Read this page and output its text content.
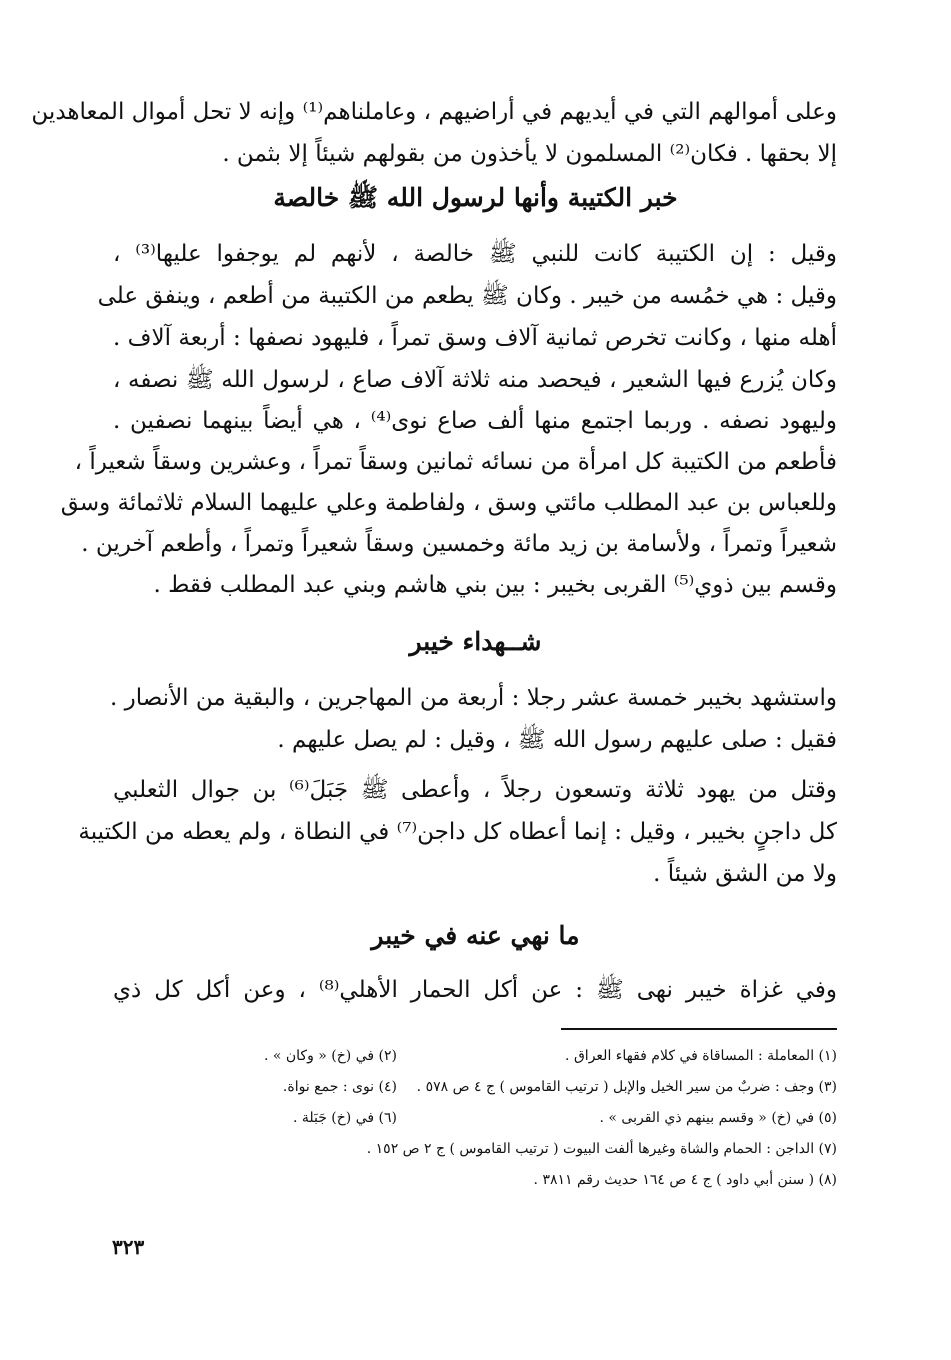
وعلى أموالهم التي في أيديهم في أراضيهم ، وعاملناهم⁽¹⁾ وإنه لا تحل أموال المعاهدين
إلا بحقها . فكان⁽²⁾ المسلمون لا يأخذون من بقولهم شيئاً إلا بثمن .
خبر الكتيبة وأنها لرسول الله ﷺ خالصة
وقيل : إن الكتيبة كانت للنبي ﷺ خالصة ، لأنهم لم يوجفوا عليها⁽³⁾ ،
وقيل : هي خمُسه من خيبر . وكان ﷺ يطعم من الكتيبة من أطعم ، وينفق على
أهله منها ، وكانت تخرص ثمانية آلاف وسق تمراً ، فليهود نصفها : أربعة آلاف .
وكان يُزرع فيها الشعير ، فيحصد منه ثلاثة آلاف صاع ، لرسول الله ﷺ نصفه ،
وليهود نصفه . وربما اجتمع منها ألف صاع نوى⁽⁴⁾ ، هي أيضاً بينهما نصفين .
فأطعم من الكتيبة كل امرأة من نسائه ثمانين وسقاً تمراً ، وعشرين وسقاً شعيراً ،
وللعباس بن عبد المطلب مائتي وسق ، ولفاطمة وعلي عليهما السلام ثلاثمائة وسق
شعيراً وتمراً ، ولأسامة بن زيد مائة وخمسين وسقاً شعيراً وتمراً ، وأطعم آخرين .
وقسم بين ذوي⁽⁵⁾ القربى بخيبر : بين بني هاشم وبني عبد المطلب فقط .
شــهداء خيبر
واستشهد بخيبر خمسة عشر رجلا : أربعة من المهاجرين ، والبقية من الأنصار .
فقيل : صلى عليهم رسول الله ﷺ ، وقيل : لم يصل عليهم .
وقتل من يهود ثلاثة وتسعون رجلاً ، وأعطى ﷺ جَبَلَ⁽⁶⁾ بن جوال الثعلبي
كل داجنٍ بخيبر ، وقيل : إنما أعطاه كل داجن⁽⁷⁾ في النطاة ، ولم يعطه من الكتيبة
ولا من الشق شيئاً .
ما نهي عنه في خيبر
وفي غزاة خيبر نهى ﷺ : عن أكل الحمار الأهلي⁽⁸⁾ ، وعن أكل كل ذي
(١) المعاملة : المساقاة في كلام فقهاء العراق .
(٢) في (خ) « وكان » .
(٣) وجف : ضربٌ من سير الخيل والإبل ( ترتيب القاموس ) ج ٤ ص ٥٧٨ .
(٤) نوى : جمع نواة.
(٥) في (خ) « وقسم بينهم ذي القربى » .
(٦) في (خ) جَبَلة .
(٧) الداجن : الحمام والشاة وغيرها ألفت البيوت ( ترتيب القاموس ) ج ٢ ص ١٥٢ .
(٨) ( سنن أبي داود ) ج ٤ ص ١٦٤ حديث رقم ٣٨١١ .
٣٢٣
